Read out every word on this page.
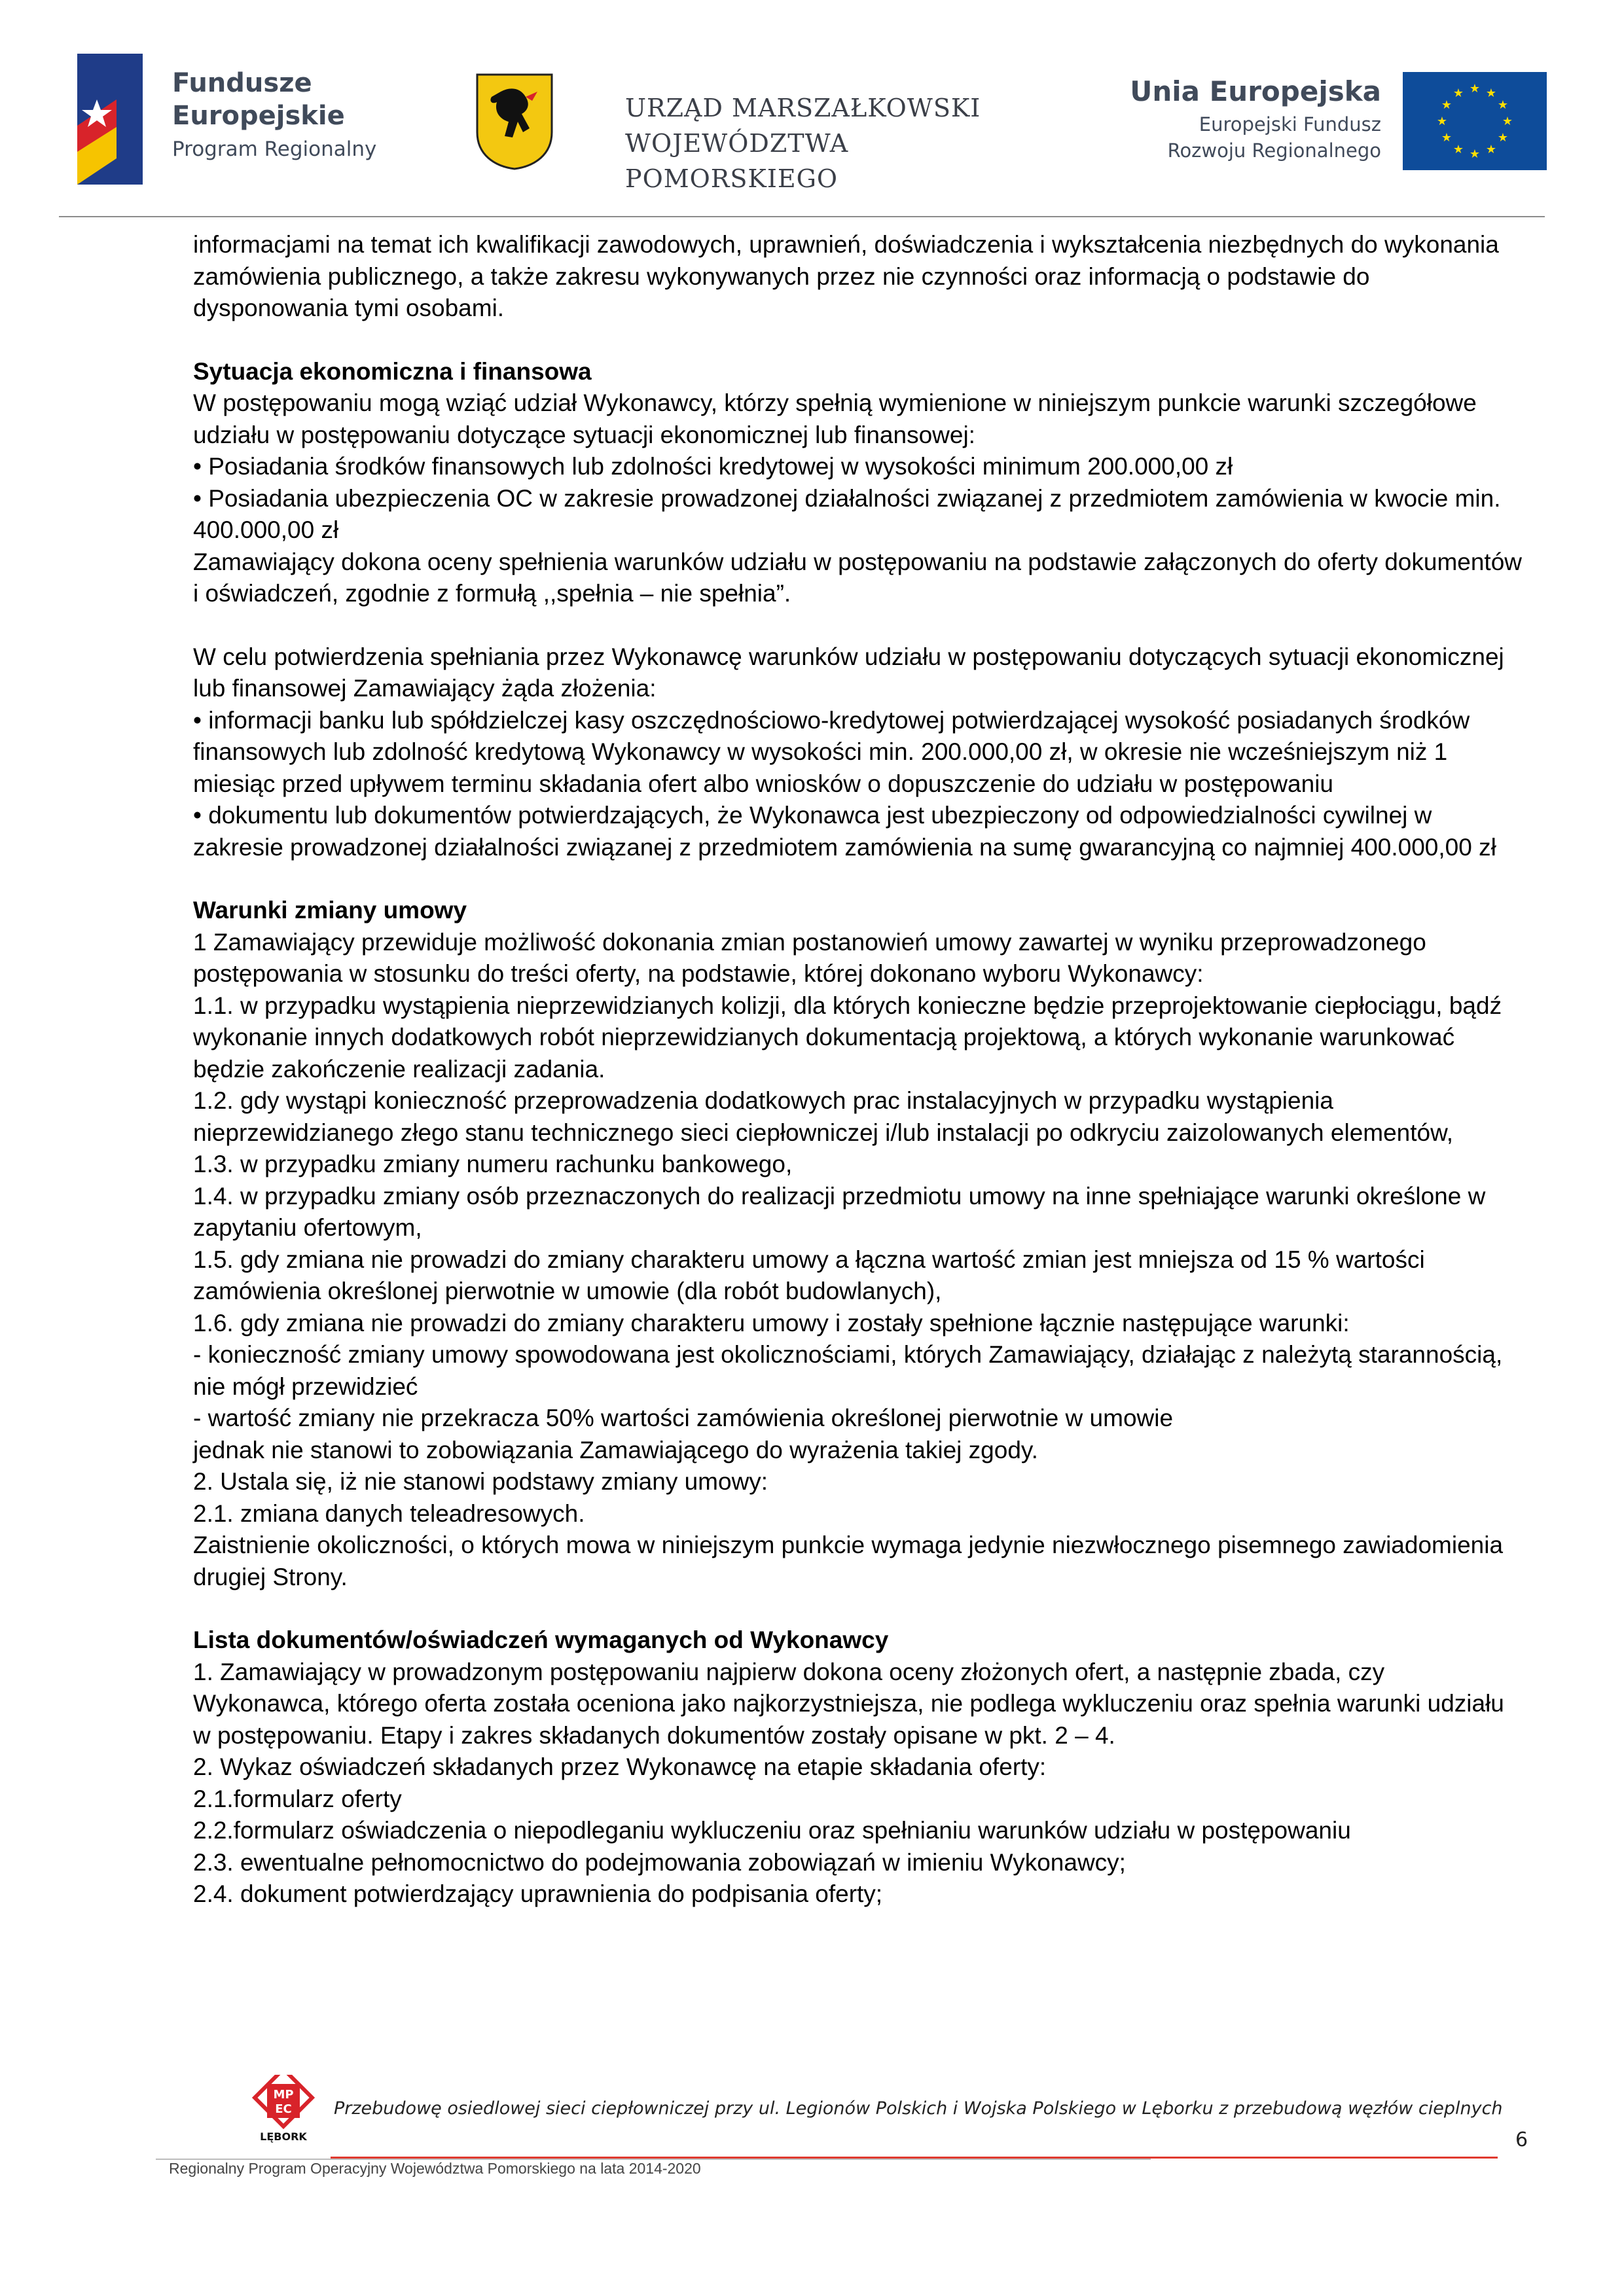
Fundusze
Europejskie
Program Regionalny
URZĄD MARSZAŁKOWSKI
WOJEWÓDZTWA POMORSKIEGO
Unia Europejska
Europejski Fundusz
Rozwoju Regionalnego
★ ★
★
★
★
★
★
★
★
★
★
★

informacjami na temat ich kwalifikacji zawodowych, uprawnień, doświadczenia i wykształcenia niezbędnych do wykonania zamówienia publicznego, a także zakresu wykonywanych przez nie czynności oraz informacją o podstawie do dysponowania tymi osobami.

Sytuacja ekonomiczna i finansowa

W postępowaniu mogą wziąć udział Wykonawcy, którzy spełnią wymienione w niniejszym punkcie warunki szczegółowe udziału w postępowaniu dotyczące sytuacji ekonomicznej lub finansowej:

• Posiadania środków finansowych lub zdolności kredytowej w wysokości minimum 200.000,00 zł

• Posiadania ubezpieczenia OC w zakresie prowadzonej działalności związanej z przedmiotem zamówienia w kwocie min. 400.000,00 zł

Zamawiający dokona oceny spełnienia warunków udziału w postępowaniu na podstawie załączonych do oferty dokumentów i oświadczeń, zgodnie z formułą ,,spełnia – nie spełnia”.

W celu potwierdzenia spełniania przez Wykonawcę warunków udziału w postępowaniu dotyczących sytuacji ekonomicznej lub finansowej Zamawiający żąda złożenia:

• informacji banku lub spółdzielczej kasy oszczędnościowo-kredytowej potwierdzającej wysokość posiadanych środków finansowych lub zdolność kredytową Wykonawcy w wysokości min. 200.000,00 zł, w okresie nie wcześniejszym niż 1 miesiąc przed upływem terminu składania ofert albo wniosków o dopuszczenie do udziału w postępowaniu

• dokumentu lub dokumentów potwierdzających, że Wykonawca jest ubezpieczony od odpowiedzialności cywilnej w zakresie prowadzonej działalności związanej z przedmiotem zamówienia na sumę gwarancyjną co najmniej 400.000,00 zł

Warunki zmiany umowy

1 Zamawiający przewiduje możliwość dokonania zmian postanowień umowy zawartej w wyniku przeprowadzonego postępowania w stosunku do treści oferty, na podstawie, której dokonano wyboru Wykonawcy:

1.1. w przypadku wystąpienia nieprzewidzianych kolizji, dla których konieczne będzie przeprojektowanie ciepłociągu, bądź wykonanie innych dodatkowych robót nieprzewidzianych dokumentacją projektową, a których wykonanie warunkować będzie zakończenie realizacji zadania.

1.2. gdy wystąpi konieczność przeprowadzenia dodatkowych prac instalacyjnych w przypadku wystąpienia nieprzewidzianego złego stanu technicznego sieci ciepłowniczej i/lub instalacji po odkryciu zaizolowanych elementów,

1.3. w przypadku zmiany numeru rachunku bankowego,

1.4. w przypadku zmiany osób przeznaczonych do realizacji przedmiotu umowy na inne spełniające warunki określone w zapytaniu ofertowym,

1.5. gdy zmiana nie prowadzi do zmiany charakteru umowy a łączna wartość zmian jest mniejsza od 15 % wartości zamówienia określonej pierwotnie w umowie (dla robót budowlanych),

1.6. gdy zmiana nie prowadzi do zmiany charakteru umowy i zostały spełnione łącznie następujące warunki:

- konieczność zmiany umowy spowodowana jest okolicznościami, których Zamawiający, działając z należytą starannością, nie mógł przewidzieć

- wartość zmiany nie przekracza 50% wartości zamówienia określonej pierwotnie w umowie

jednak nie stanowi to zobowiązania Zamawiającego do wyrażenia takiej zgody.

2. Ustala się, iż nie stanowi podstawy zmiany umowy:

2.1. zmiana danych teleadresowych.

Zaistnienie okoliczności, o których mowa w niniejszym punkcie wymaga jedynie niezwłocznego pisemnego zawiadomienia drugiej Strony.

Lista dokumentów/oświadczeń wymaganych od Wykonawcy

1. Zamawiający w prowadzonym postępowaniu najpierw dokona oceny złożonych ofert, a następnie zbada, czy Wykonawca, którego oferta została oceniona jako najkorzystniejsza, nie podlega wykluczeniu oraz spełnia warunki udziału w postępowaniu. Etapy i zakres składanych dokumentów zostały opisane w pkt. 2 – 4.

2. Wykaz oświadczeń składanych przez Wykonawcę na etapie składania oferty:

2.1.formularz oferty

2.2.formularz oświadczenia o niepodleganiu wykluczeniu oraz spełnianiu warunków udziału w postępowaniu

2.3. ewentualne pełnomocnictwo do podejmowania zobowiązań w imieniu Wykonawcy;

2.4. dokument potwierdzający uprawnienia do podpisania oferty;

MP
EC
LĘBORK
Przebudowę osiedlowej sieci ciepłowniczej przy ul. Legionów Polskich i Wojska Polskiego w Lęborku z przebudową węzłów cieplnych
Regionalny Program Operacyjny Województwa Pomorskiego na lata 2014-2020
6
